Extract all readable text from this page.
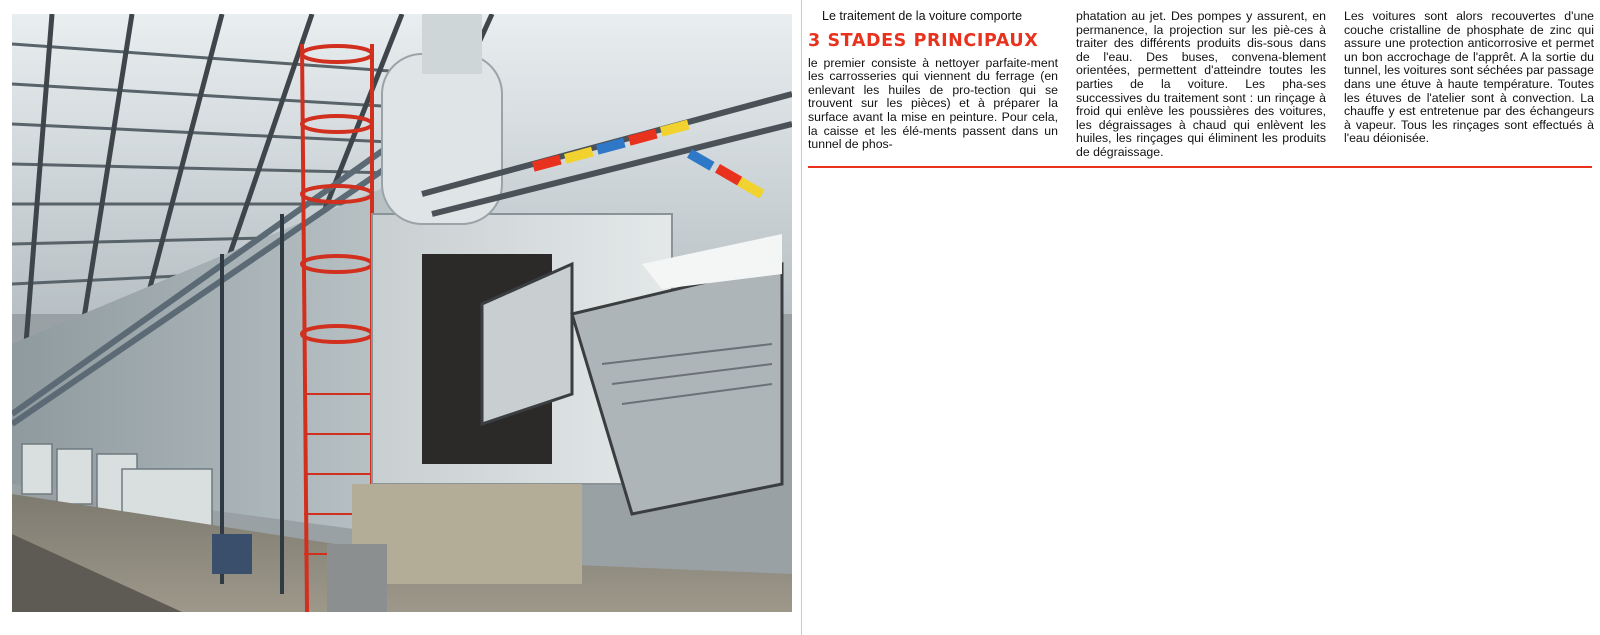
Le traitement de la voiture comporte

3 STADES PRINCIPAUX

le premier consiste à nettoyer parfaite-ment les carrosseries qui viennent du ferrage (en enlevant les huiles de pro-tection qui se trouvent sur les pièces) et à préparer la surface avant la mise en peinture. Pour cela, la caisse et les élé-ments passent dans un tunnel de phos-

phatation au jet. Des pompes y assurent, en permanence, la projection sur les piè-ces à traiter des différents produits dis-sous dans de l'eau. Des buses, convena-blement orientées, permettent d'atteindre toutes les parties de la voiture. Les pha-ses successives du traitement sont : un rinçage à froid qui enlève les poussières des voitures, les dégraissages à chaud qui enlèvent les huiles, les rinçages qui éliminent les produits de dégraissage.

Les voitures sont alors recouvertes d'une couche cristalline de phosphate de zinc qui assure une protection anticorrosive et permet un bon accrochage de l'apprêt. A la sortie du tunnel, les voitures sont séchées par passage dans une étuve à haute température. Toutes les étuves de l'atelier sont à convection. La chauffe y est entretenue par des échangeurs à vapeur. Tous les rinçages sont effectués à l'eau déionisée.
